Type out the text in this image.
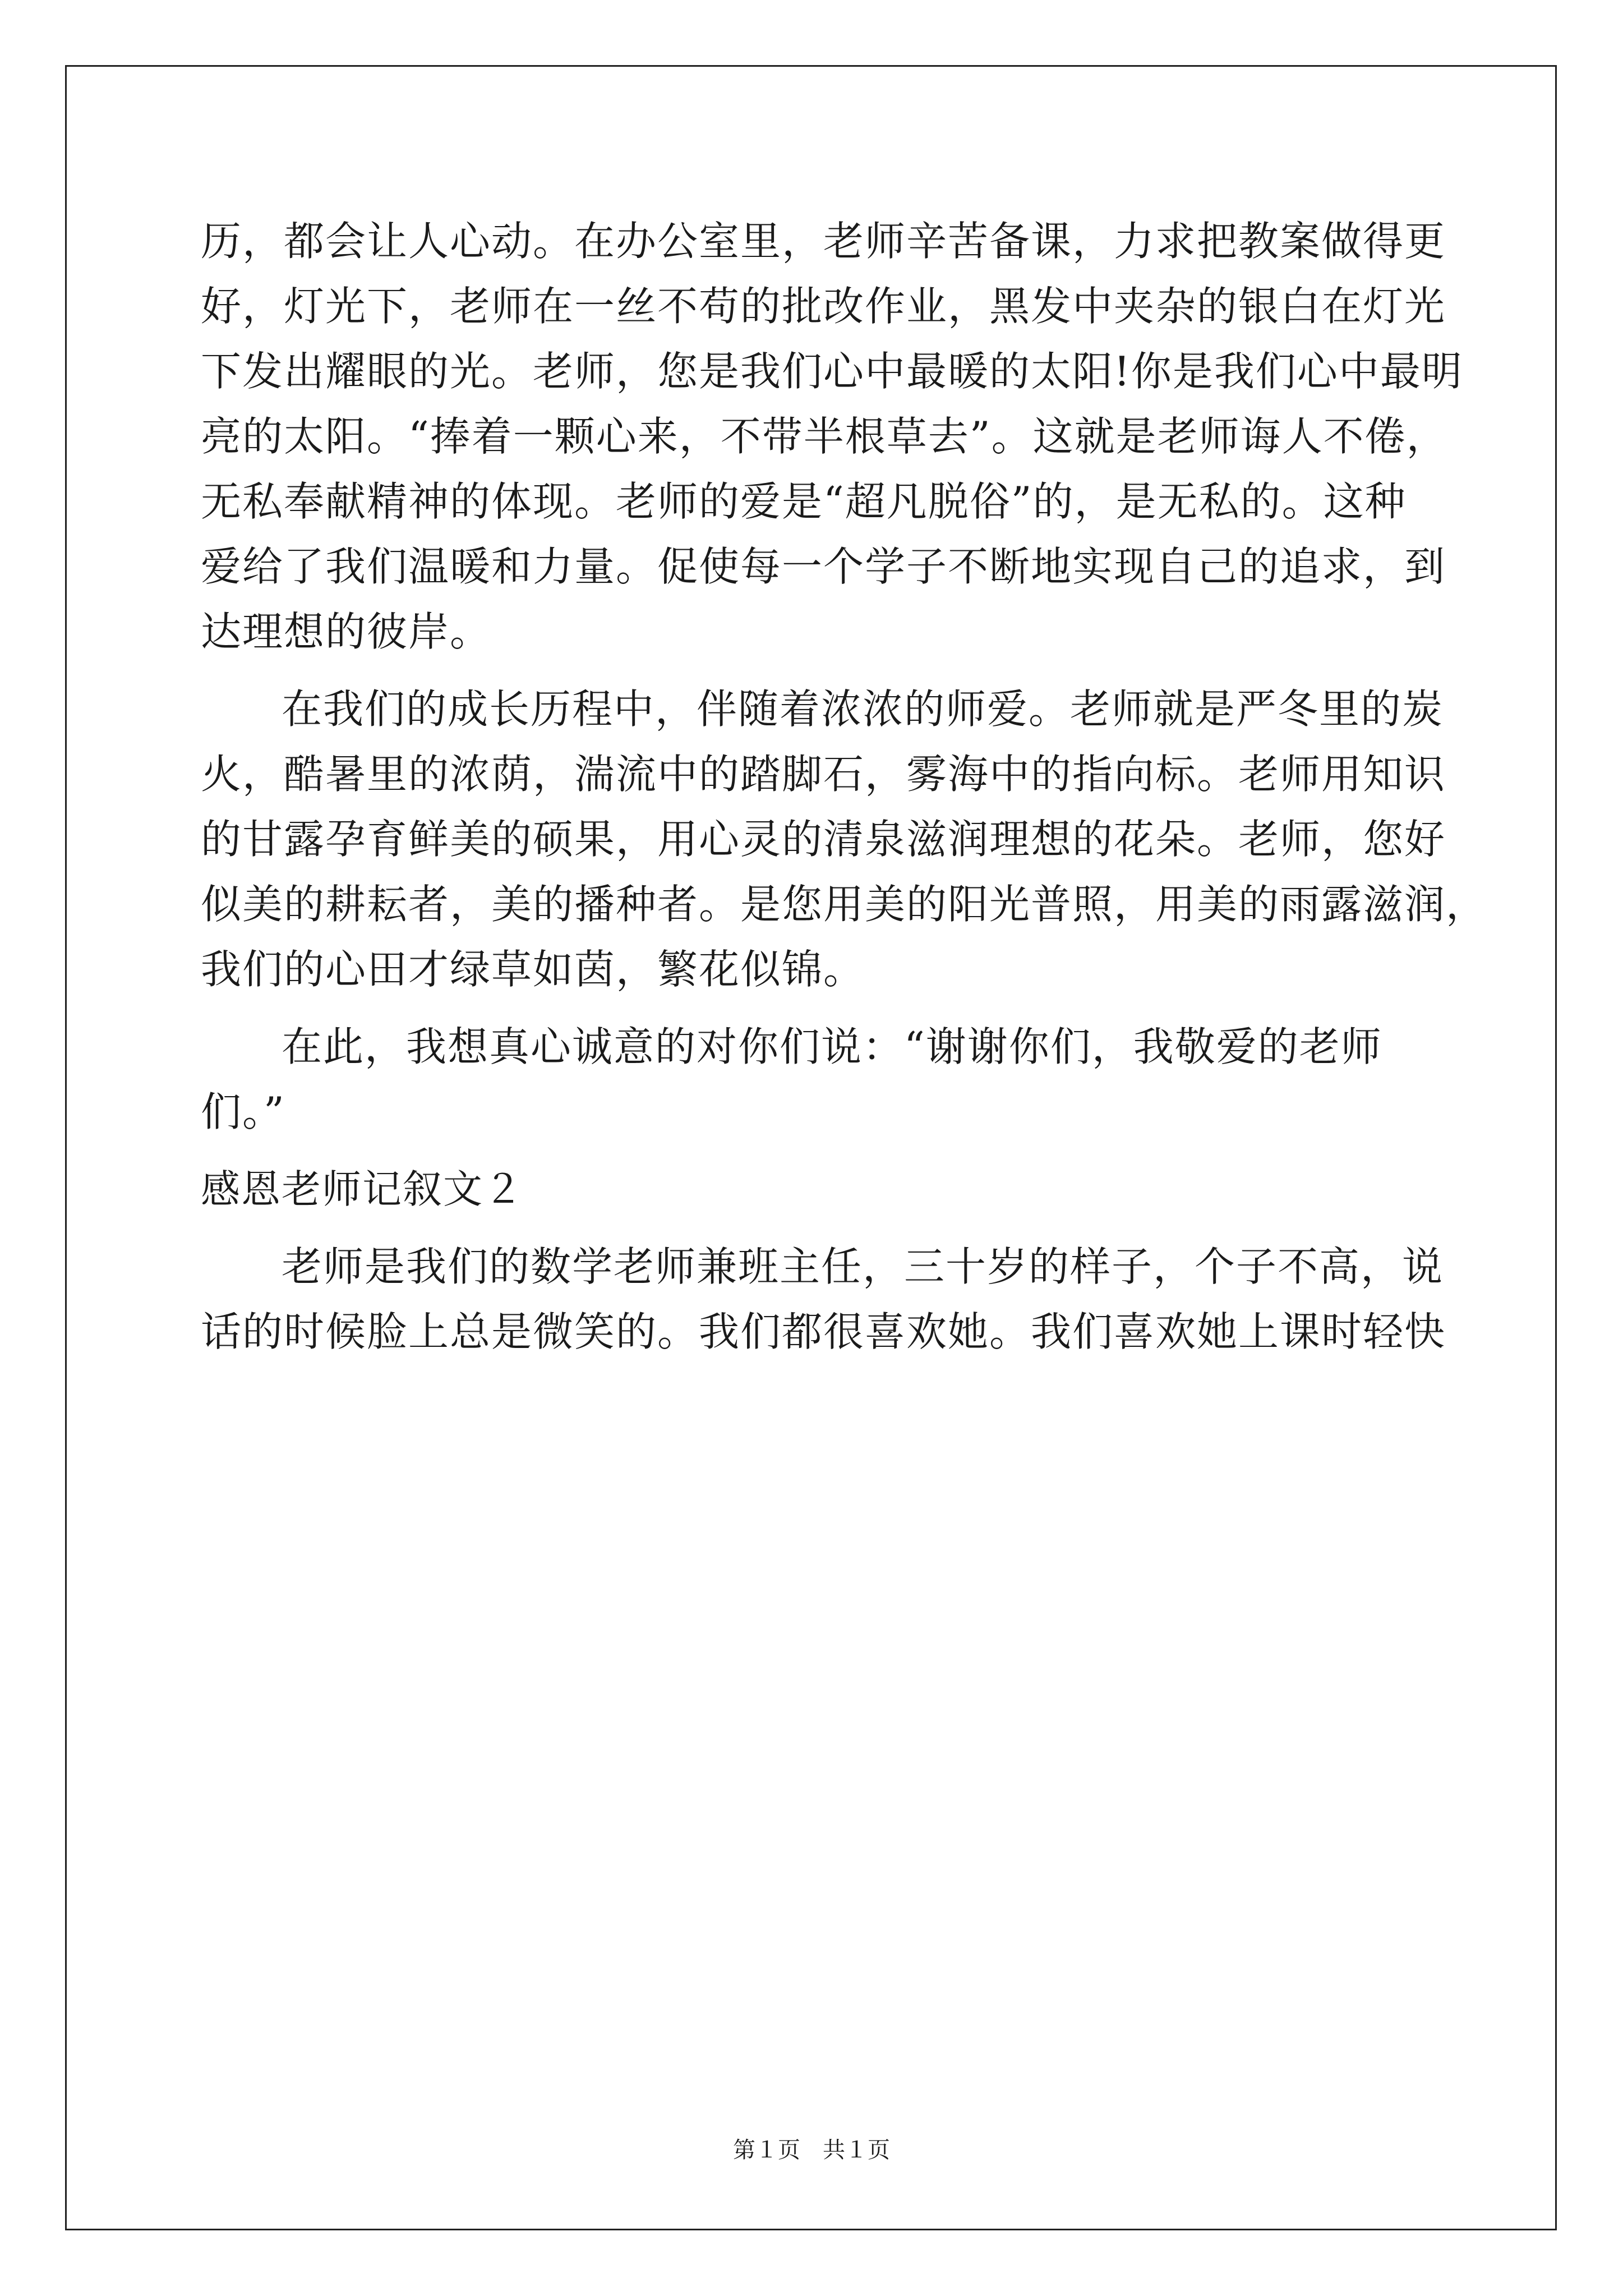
历，都会让人心动。在办公室里，老师辛苦备课，力求把教案做得更

好，灯光下，老师在一丝不苟的批改作业，黑发中夹杂的银白在灯光

下发出耀眼的光。老师，您是我们心中最暖的太阳!你是我们心中最明

亮的太阳。“捧着一颗心来，不带半根草去”。这就是老师诲人不倦，

无私奉献精神的体现。老师的爱是“超凡脱俗”的，是无私的。这种

爱给了我们温暖和力量。促使每一个学子不断地实现自己的追求，到

达理想的彼岸。

在我们的成长历程中，伴随着浓浓的师爱。老师就是严冬里的炭

火，酷暑里的浓荫，湍流中的踏脚石，雾海中的指向标。老师用知识

的甘露孕育鲜美的硕果，用心灵的清泉滋润理想的花朵。老师，您好

似美的耕耘者，美的播种者。是您用美的阳光普照，用美的雨露滋润，

我们的心田才绿草如茵，繁花似锦。

在此，我想真心诚意的对你们说：“谢谢你们，我敬爱的老师

们。”

感恩老师记叙文２

老师是我们的数学老师兼班主任，三十岁的样子，个子不高，说

话的时候脸上总是微笑的。我们都很喜欢她。我们喜欢她上课时轻快

第１页　共１页
